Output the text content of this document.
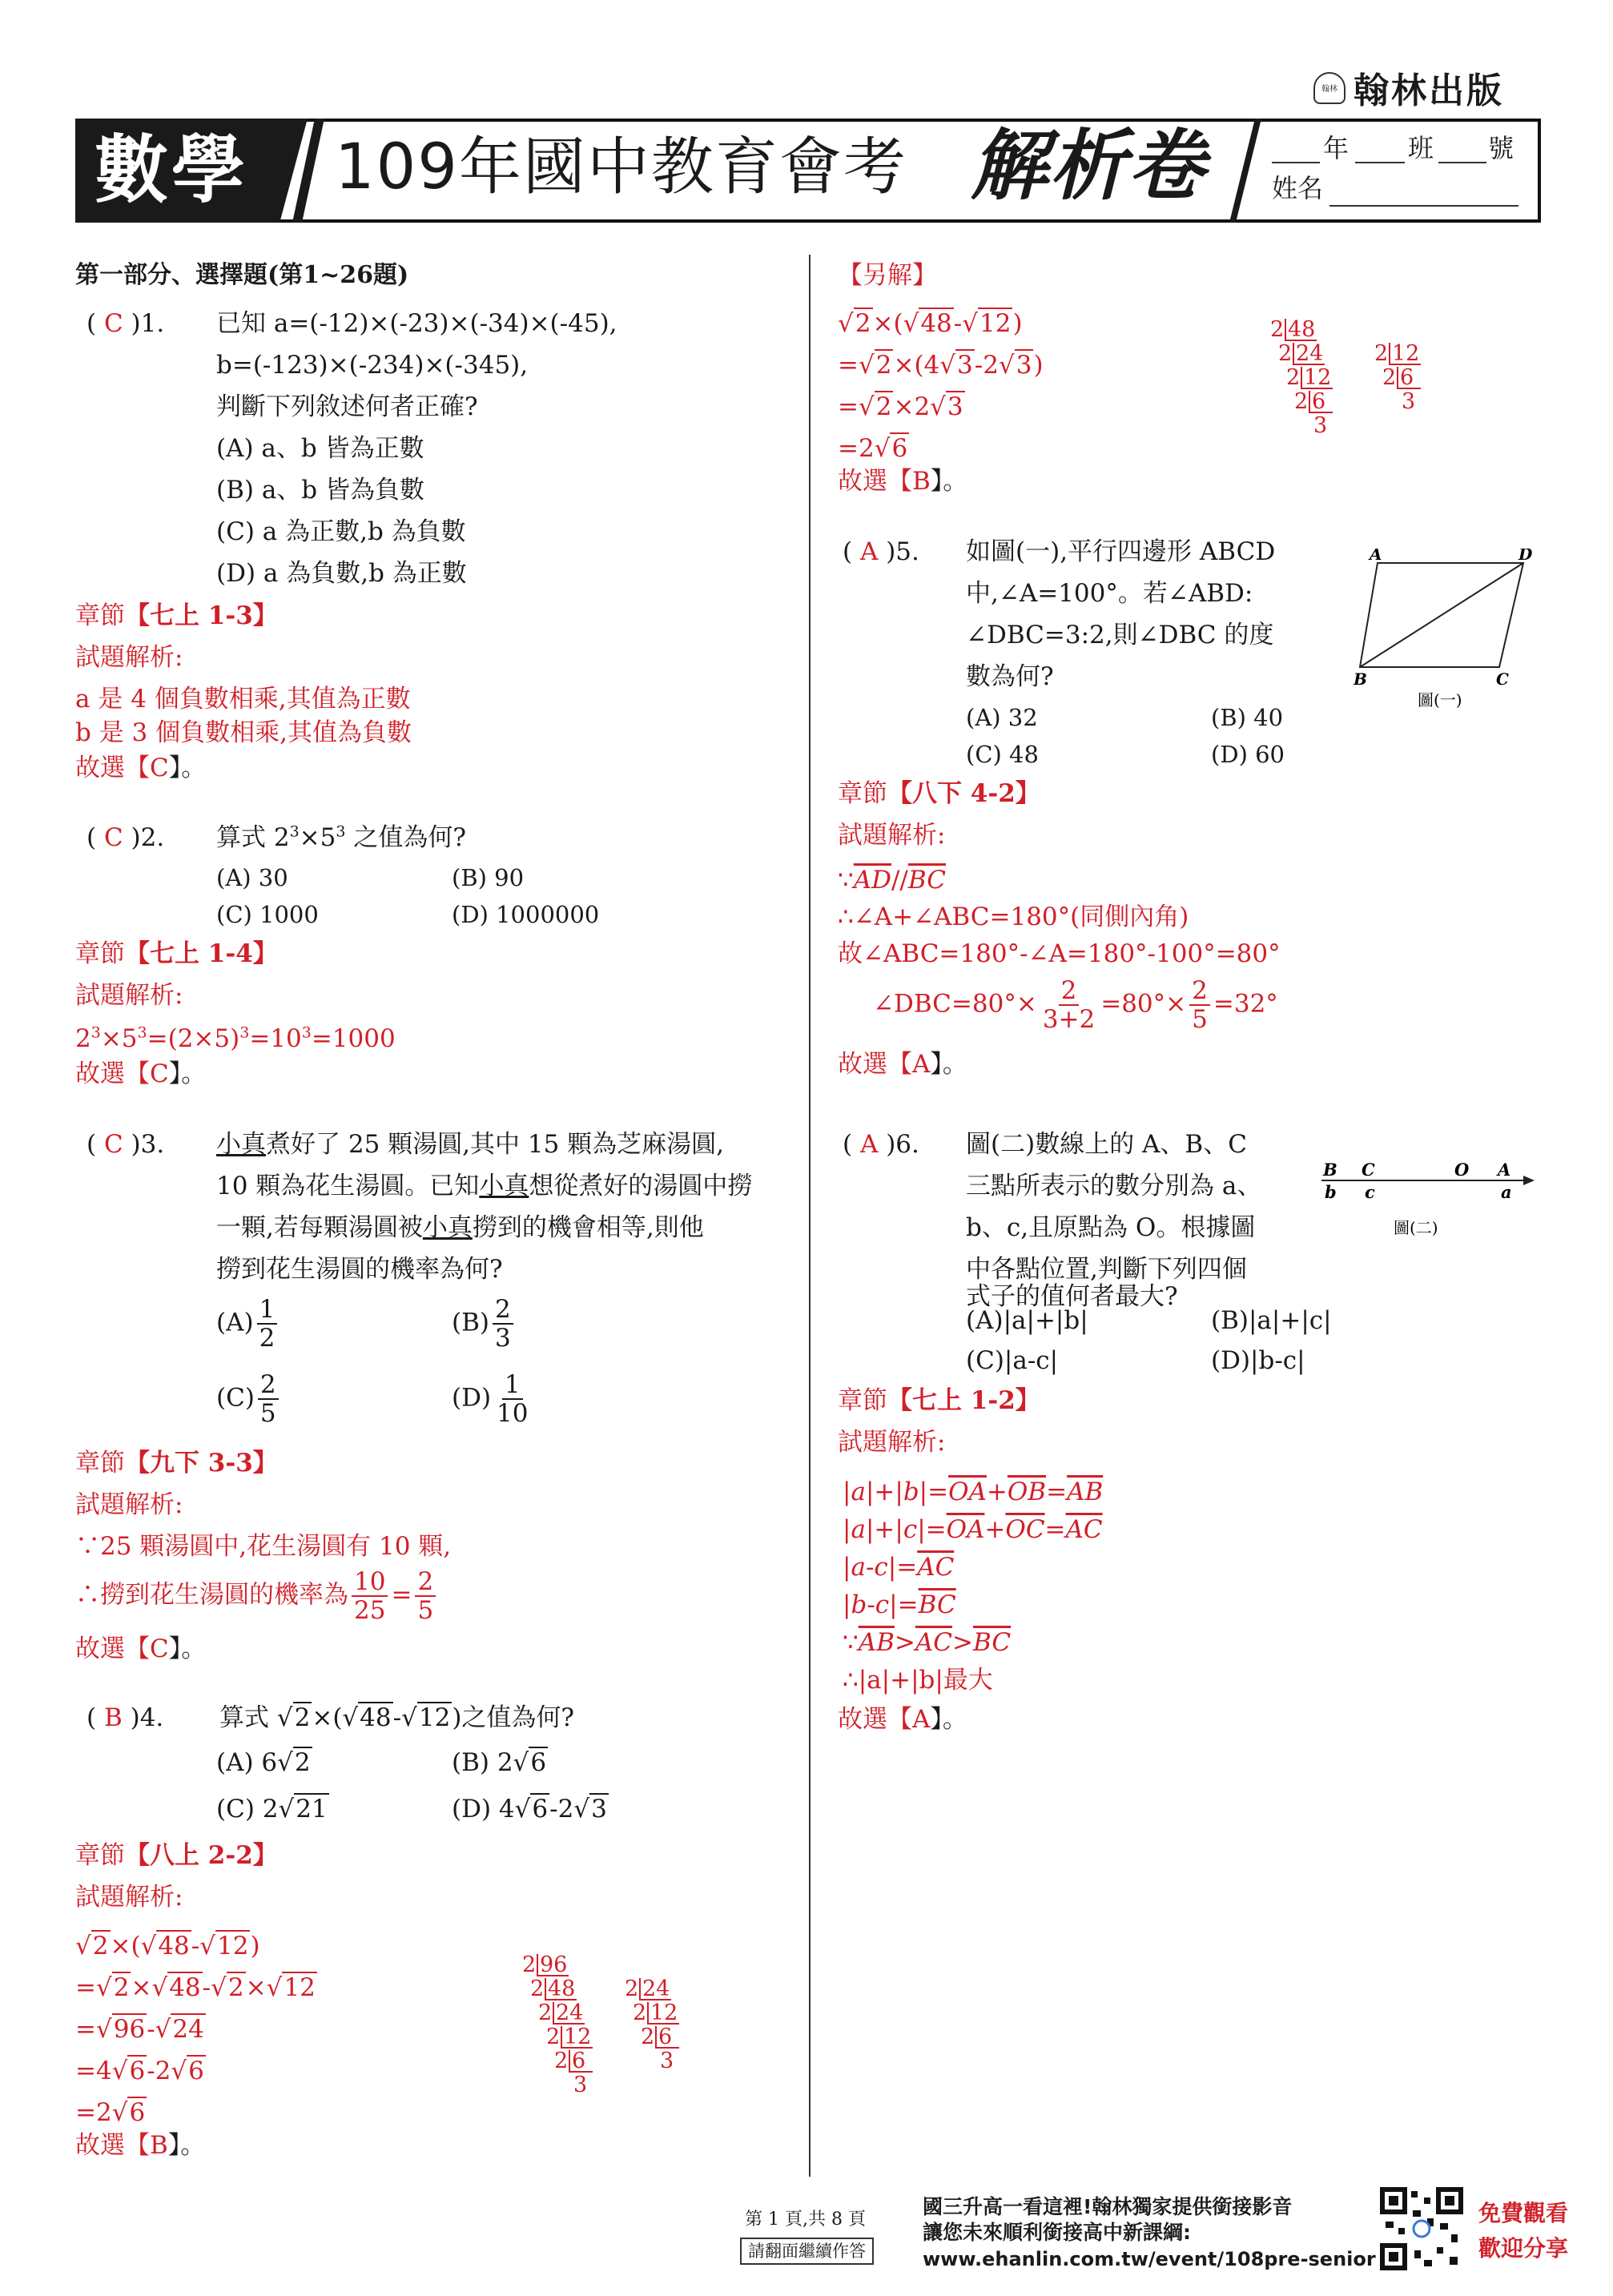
翰林 翰林出版
數學 109年國中教育會考 解析卷	年 班 號
姓名
第一部分、選擇題(第1~26題)
( C )1. 已知 a=(-12)×(-23)×(-34)×(-45),
b=(-123)×(-234)×(-345),
判斷下列敘述何者正確?
(A) a、b 皆為正數
(B) a、b 皆為負數
(C) a 為正數,b 為負數
(D) a 為負數,b 為正數
章節【七上 1-3】
試題解析:
a 是 4 個負數相乘,其值為正數
b 是 3 個負數相乘,其值為負數
故選【C】。
( C )2. 算式 $2^3\times 5^3$ 之值為何?
(A) 30	(B) 90
(C) 1000	(D) 1000000
章節【七上 1-4】
試題解析:
$2^3\times 5^3=(2\times 5)^3=10^3=1000$
故選【C】。
( C )3. 小真煮好了 25 顆湯圓,其中 15 顆為芝麻湯圓,
10 顆為花生湯圓。已知小真想從煮好的湯圓中撈
一顆,若每顆湯圓被小真撈到的機會相等,則他
撈到花生湯圓的機率為何?
$(A) \frac{1}{2}$	$(B) \frac{2}{3}$
$(C) \frac{2}{5}$	$(D) \frac{1}{10}$
章節【九下 3-3】
試題解析:
∵25 顆湯圓中,花生湯圓有 10 顆,
∴撈到花生湯圓的機率為 $\frac{10}{25} = \frac{2}{5}$
故選【C】。
( B )4. 算式 √2×(√48-√12)之值為何?
(A) 6√2	(B) 2√6
(C) 2√21	(D) 4√6-2√3
章節【八上 2-2】
試題解析:
√2×(√48-√12)
=√2×√48-√2×√12
=√96-√24
=4√6-2√6
=2√6
故選【B】。
2 96
2 48
2 24
2 12
2 6
3
2 24
2 12
2 6
3
【另解】
√2×(√48-√12)
=√2×(4√3-2√3)
=√2×2√3
=2√6
故選【B】。
2 48
2 24
2 12
2 6
3
2 12
2 6
3
( A )5. 如圖(一),平行四邊形 ABCD
中,∠A=100°。若∠ABD:
∠DBC=3:2,則∠DBC 的度
數為何?
(A) 32	(B) 40
(C) 48	(D) 60
A	D
B	C
圖(一)
章節【八下 4-2】
試題解析:
$\because\overline{AD}//\overline{BC}$
∴∠A+∠ABC=180°(同側內角)
故∠ABC=180°-∠A=180°-100°=80°
∠DBC=80°× $\frac{2}{3+2} =80^\circ\times \frac{2}{5} =32^\circ$
故選【A】。
( A )6. 圖(二)數線上的 A、B、C
三點所表示的數分別為 a、
b、c,且原點為 O。根據圖
中各點位置,判斷下列四個
式子的值何者最大?
(A)|a|+|b|	(B)|a|+|c|
(C)|a-c|	(D)|b-c|
B C	O A
b c	a
圖(二)
章節【七上 1-2】
試題解析:
$|a|+|b|=\overline{OA}+\overline{OB}=\overline{AB}$
$|a|+|c|=\overline{OA}+\overline{OC}=\overline{AC}$
$|a-c|=\overline{AC}$
$|b-c|=\overline{BC}$
$\because\overline{AB}>\overline{AC}>\overline{BC}$
∴|a|+|b|最大
故選【A】。
第 1 頁,共 8 頁
請翻面繼續作答
國三升高一看這裡!翰林獨家提供銜接影音
讓您未來順利銜接高中新課綱:
www.ehanlin.com.tw/event/108pre-senior
免費觀看
歡迎分享
